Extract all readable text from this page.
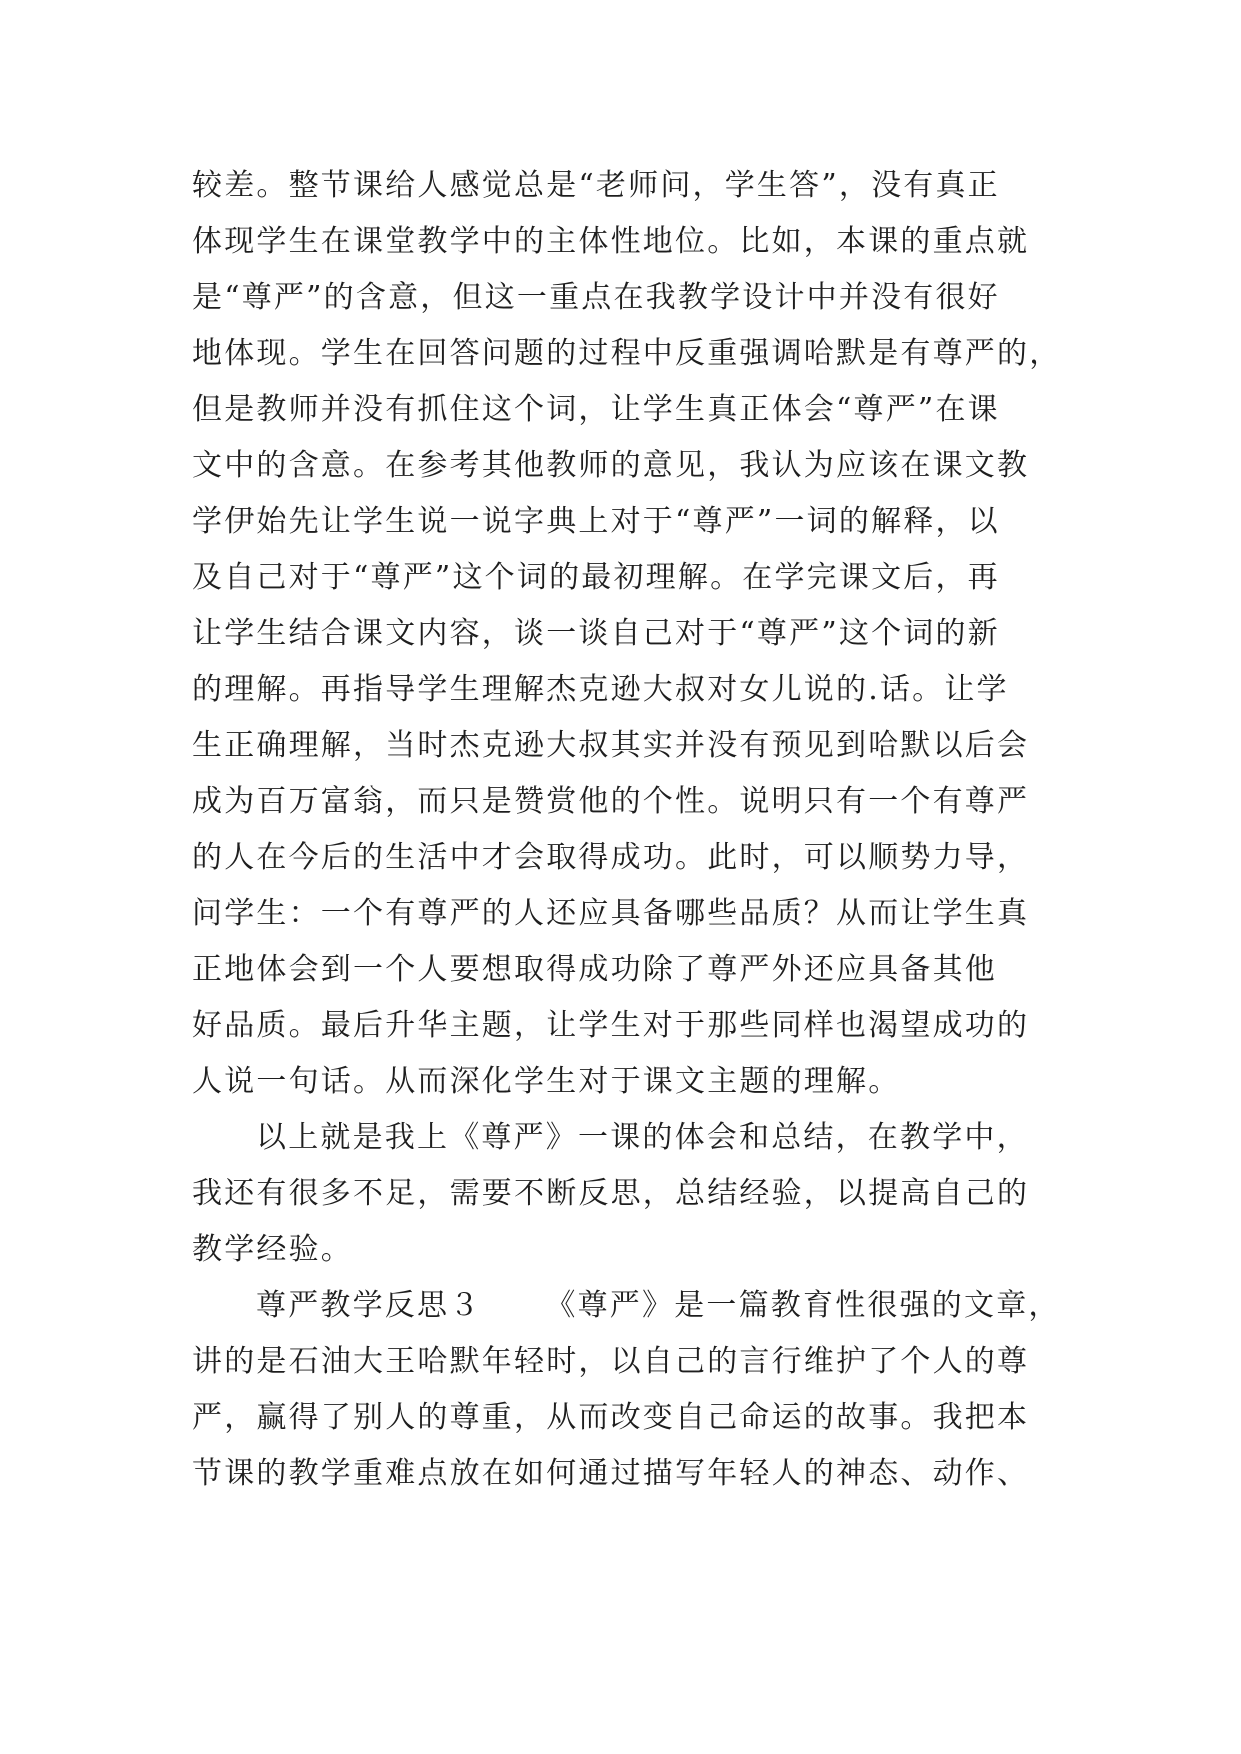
较差。整节课给人感觉总是“老师问，学生答”，没有真正
体现学生在课堂教学中的主体性地位。比如，本课的重点就
是“尊严”的含意，但这一重点在我教学设计中并没有很好
地体现。学生在回答问题的过程中反重强调哈默是有尊严的，
但是教师并没有抓住这个词，让学生真正体会“尊严”在课
文中的含意。在参考其他教师的意见，我认为应该在课文教
学伊始先让学生说一说字典上对于“尊严”一词的解释，以
及自己对于“尊严”这个词的最初理解。在学完课文后，再
让学生结合课文内容，谈一谈自己对于“尊严”这个词的新
的理解。再指导学生理解杰克逊大叔对女儿说的.话。让学
生正确理解，当时杰克逊大叔其实并没有预见到哈默以后会
成为百万富翁，而只是赞赏他的个性。说明只有一个有尊严
的人在今后的生活中才会取得成功。此时，可以顺势力导，
问学生：一个有尊严的人还应具备哪些品质？从而让学生真
正地体会到一个人要想取得成功除了尊严外还应具备其他
好品质。最后升华主题，让学生对于那些同样也渴望成功的
人说一句话。从而深化学生对于课文主题的理解。
以上就是我上《尊严》一课的体会和总结，在教学中，
我还有很多不足，需要不断反思，总结经验，以提高自己的
教学经验。
尊严教学反思３ 《尊严》是一篇教育性很强的文章，
讲的是石油大王哈默年轻时，以自己的言行维护了个人的尊
严，赢得了别人的尊重，从而改变自己命运的故事。我把本
节课的教学重难点放在如何通过描写年轻人的神态、动作、
